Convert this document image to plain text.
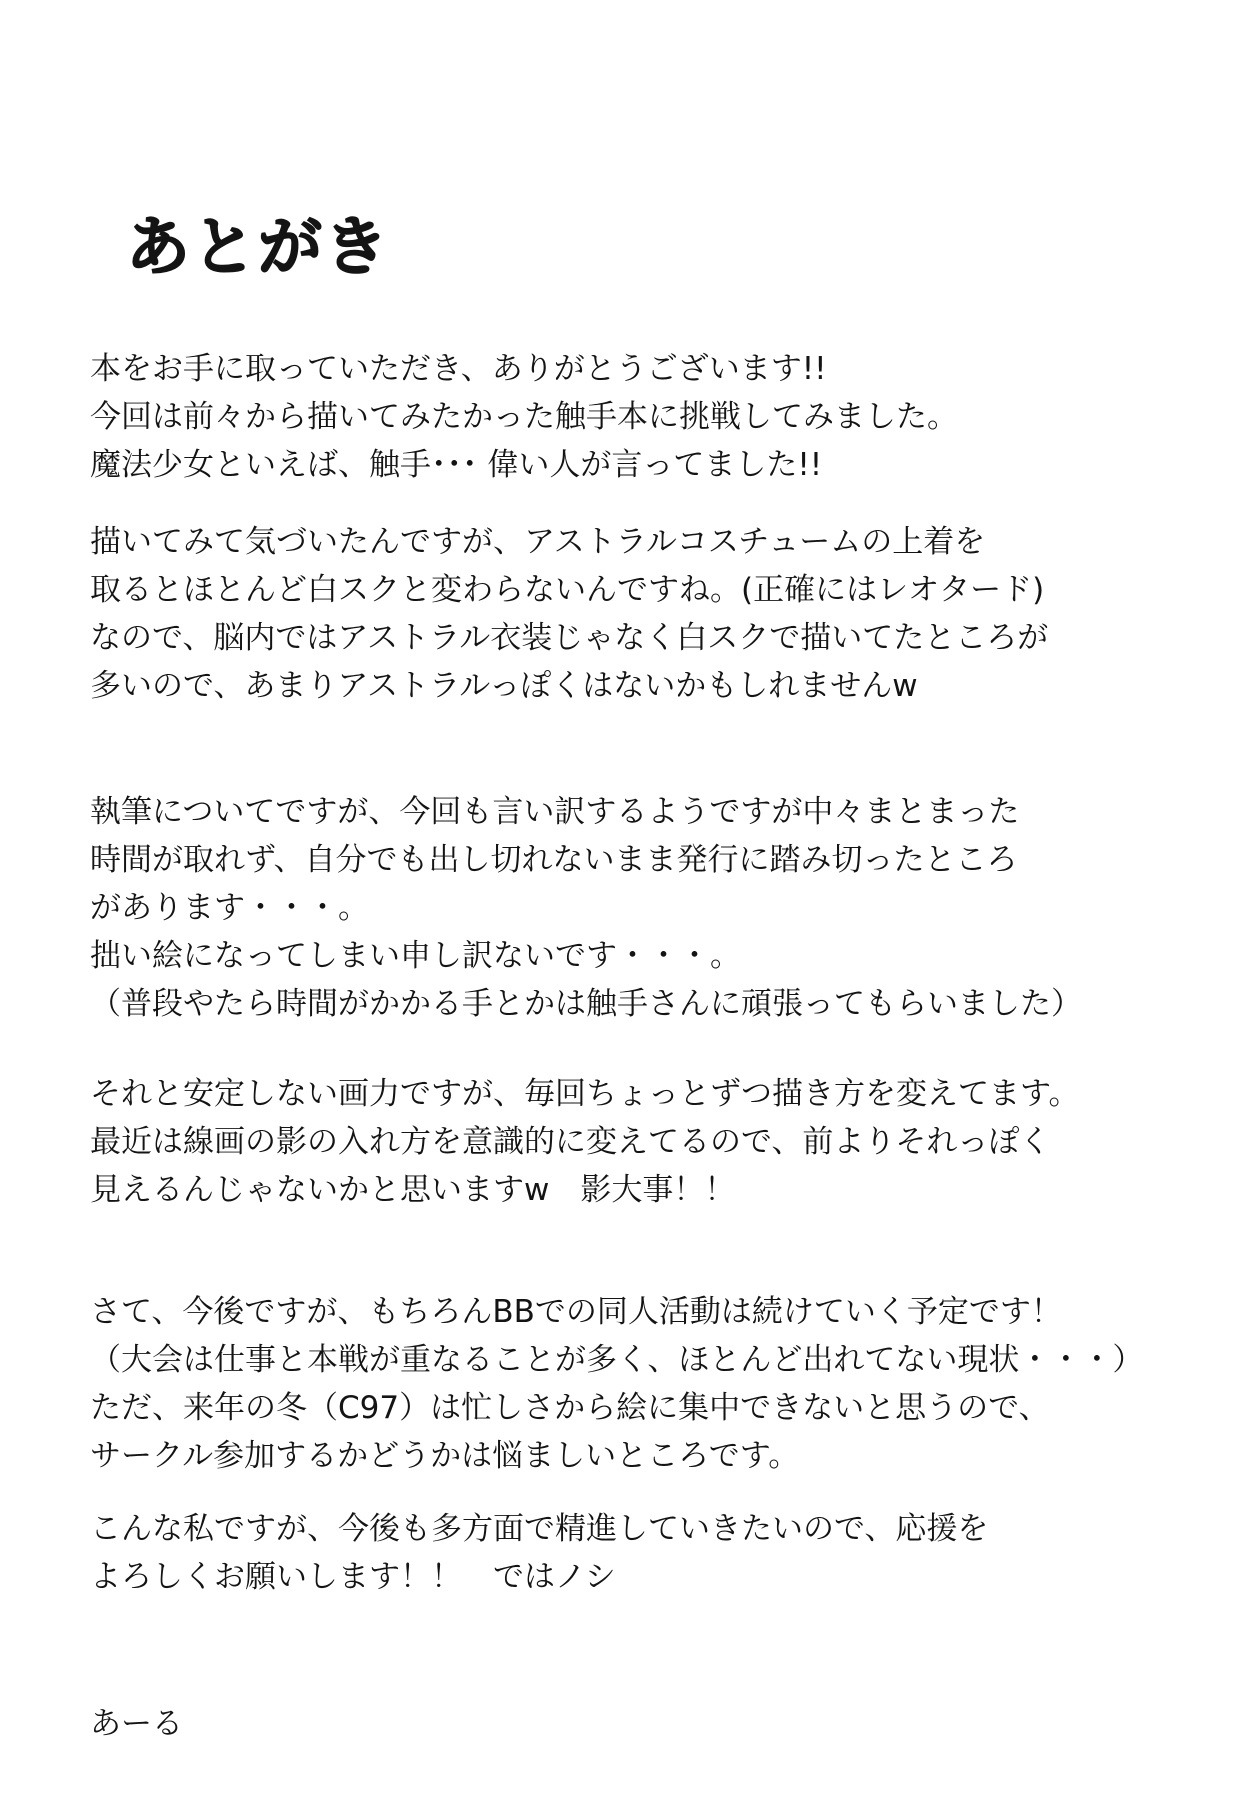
あとがき
本をお手に取っていただき、ありがとうございます!!
今回は前々から描いてみたかった触手本に挑戦してみました。
魔法少女といえば、触手･･･ 偉い人が言ってました!!
描いてみて気づいたんですが、アストラルコスチュームの上着を
取るとほとんど白スクと変わらないんですね。(正確にはレオタード)
なので、脳内ではアストラル衣装じゃなく白スクで描いてたところが
多いので、あまりアストラルっぽくはないかもしれませんw
執筆についてですが、今回も言い訳するようですが中々まとまった
時間が取れず、自分でも出し切れないまま発行に踏み切ったところ
があります・・・。
拙い絵になってしまい申し訳ないです・・・。
（普段やたら時間がかかる手とかは触手さんに頑張ってもらいました）
それと安定しない画力ですが、毎回ちょっとずつ描き方を変えてます。
最近は線画の影の入れ方を意識的に変えてるので、前よりそれっぽく
見えるんじゃないかと思いますw　影大事！！
さて、今後ですが、もちろんBBでの同人活動は続けていく予定です！
（大会は仕事と本戦が重なることが多く、ほとんど出れてない現状・・・）
ただ、来年の冬（C97）は忙しさから絵に集中できないと思うので、
サークル参加するかどうかは悩ましいところです。
こんな私ですが、今後も多方面で精進していきたいので、応援を
よろしくお願いします！！　ではノシ
あーる
